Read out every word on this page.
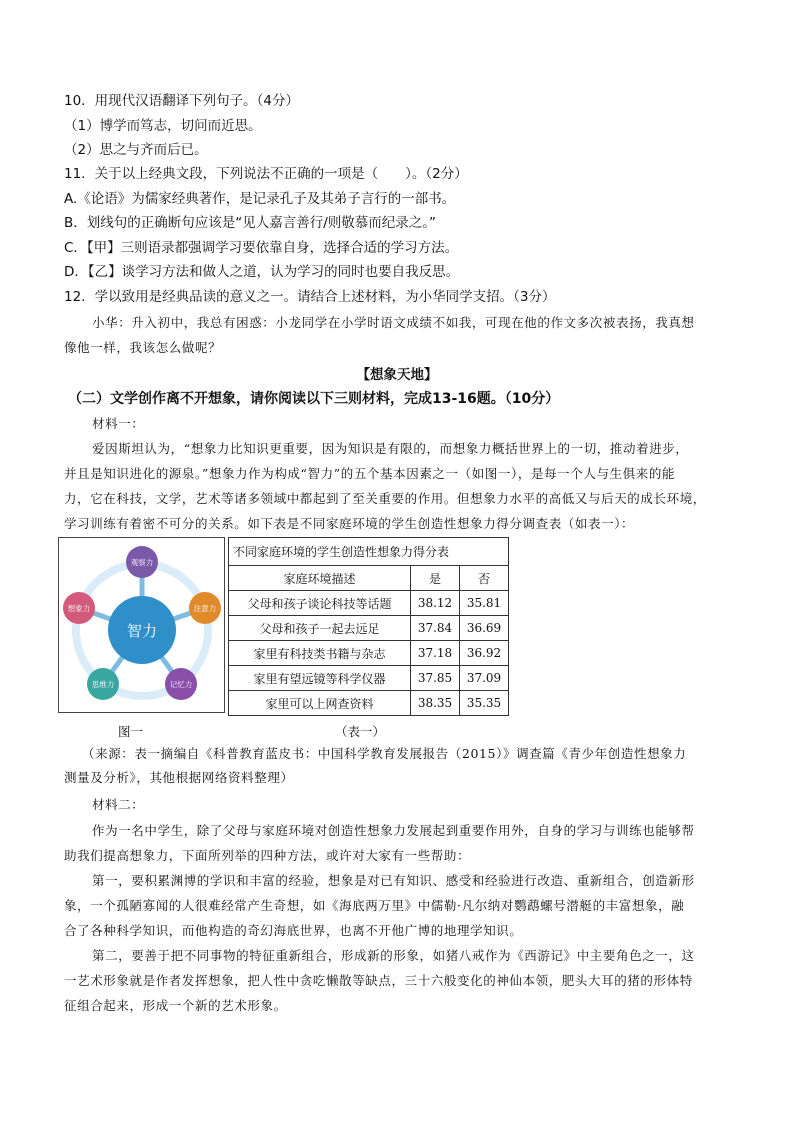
10．用现代汉语翻译下列句子。（4分）
（1）博学而笃志，切问而近思。
（2）思之与齐而后已。
11．关于以上经典文段，下列说法不正确的一项是（　　）。（2分）
A.《论语》为儒家经典著作，是记录孔子及其弟子言行的一部书。
B．划线句的正确断句应该是“见人嘉言善行/则敬慕而纪录之。”
C．【甲】三则语录都强调学习要依靠自身，选择合适的学习方法。
D．【乙】谈学习方法和做人之道，认为学习的同时也要自我反思。
12．学以致用是经典品读的意义之一。请结合上述材料，为小华同学支招。（3分）
小华：升入初中，我总有困惑：小龙同学在小学时语文成绩不如我，可现在他的作文多次被表扬，我真想
像他一样，我该怎么做呢？
【想象天地】
（二）文学创作离不开想象，请你阅读以下三则材料，完成13-16题。（10分）
材料一：
爱因斯坦认为，“想象力比知识更重要，因为知识是有限的，而想象力概括世界上的一切，推动着进步，
并且是知识进化的源泉。”想象力作为构成“智力”的五个基本因素之一（如图一），是每一个人与生俱来的能
力，它在科技，文学，艺术等诸多领域中都起到了至关重要的作用。但想象力水平的高低又与后天的成长环境，
学习训练有着密不可分的关系。如下表是不同家庭环境的学生创造性想象力得分调查表（如表一）：
智力
观察力
注意力
记忆力
思维力
想象力
不同家庭环境的学生创造性想象力得分表		
家庭环境描述	是	否
父母和孩子谈论科技等话题	38.12	35.81
父母和孩子一起去远足	37.84	36.69
家里有科技类书籍与杂志	37.18	36.92
家里有望远镜等科学仪器	37.85	37.09
家里可以上网查资料	38.35	35.35
图一	（表一）
（来源：表一摘编自《科普教育蓝皮书：中国科学教育发展报告（2015）》调查篇《青少年创造性想象力
测量及分析》，其他根据网络资料整理）
材料二：
作为一名中学生，除了父母与家庭环境对创造性想象力发展起到重要作用外，自身的学习与训练也能够帮
助我们提高想象力，下面所列举的四种方法，或许对大家有一些帮助：
第一，要积累渊博的学识和丰富的经验，想象是对已有知识、感受和经验进行改造、重新组合，创造新形
象，一个孤陋寡闻的人很难经常产生奇想，如《海底两万里》中儒勒·凡尔纳对鹦鹉螺号潜艇的丰富想象，融
合了各种科学知识，而他构造的奇幻海底世界，也离不开他广博的地理学知识。
第二，要善于把不同事物的特征重新组合，形成新的形象，如猪八戒作为《西游记》中主要角色之一，这
一艺术形象就是作者发挥想象，把人性中贪吃懒散等缺点，三十六般变化的神仙本领，肥头大耳的猪的形体特
征组合起来，形成一个新的艺术形象。
